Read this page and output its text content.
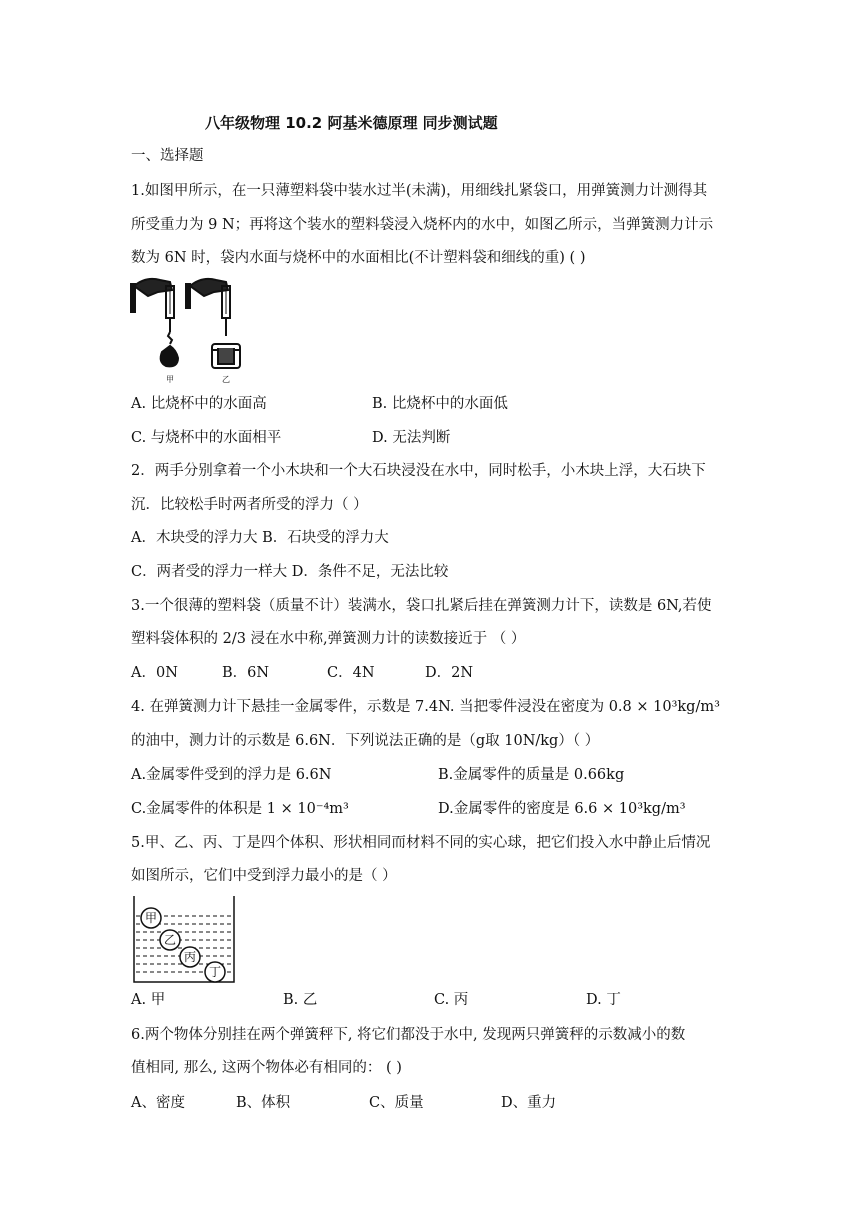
八年级物理 10.2 阿基米德原理 同步测试题
一、选择题
1.如图甲所示，在一只薄塑料袋中装水过半(未满)，用细线扎紧袋口，用弹簧测力计测得其
所受重力为 9 N；再将这个装水的塑料袋浸入烧杯内的水中，如图乙所示，当弹簧测力计示
数为 6N 时，袋内水面与烧杯中的水面相比(不计塑料袋和细线的重) ( )
甲	乙
A. 比烧杯中的水面高	B. 比烧杯中的水面低
C. 与烧杯中的水面相平	D. 无法判断
2．两手分别拿着一个小木块和一个大石块浸没在水中，同时松手，小木块上浮，大石块下
沉．比较松手时两者所受的浮力（ ）
A．木块受的浮力大 B．石块受的浮力大
C．两者受的浮力一样大 D．条件不足，无法比较
3.一个很薄的塑料袋（质量不计）装满水，袋口扎紧后挂在弹簧测力计下，读数是 6N,若使
塑料袋体积的 2/3 浸在水中称,弹簧测力计的读数接近于 （ ）
A．0N	B．6N	C．4N	D．2N
4. 在弹簧测力计下悬挂一金属零件，示数是 7.4N. 当把零件浸没在密度为 0.8 × 10³kg/m³
的油中，测力计的示数是 6.6N．下列说法正确的是（g取 10N/kg）（ ）
A.金属零件受到的浮力是 6.6N	B.金属零件的质量是 0.66kg
C.金属零件的体积是 1 × 10⁻⁴m³	D.金属零件的密度是 6.6 × 10³kg/m³
5.甲、乙、丙、丁是四个体积、形状相同而材料不同的实心球，把它们投入水中静止后情况
如图所示，它们中受到浮力最小的是（ ）
甲
乙
丙
丁
A. 甲	B. 乙	C. 丙	D. 丁
6.两个物体分别挂在两个弹簧秤下, 将它们都没于水中, 发现两只弹簧秤的示数减小的数
值相同, 那么, 这两个物体必有相同的： ( )
A、密度	B、体积	C、质量	D、重力
